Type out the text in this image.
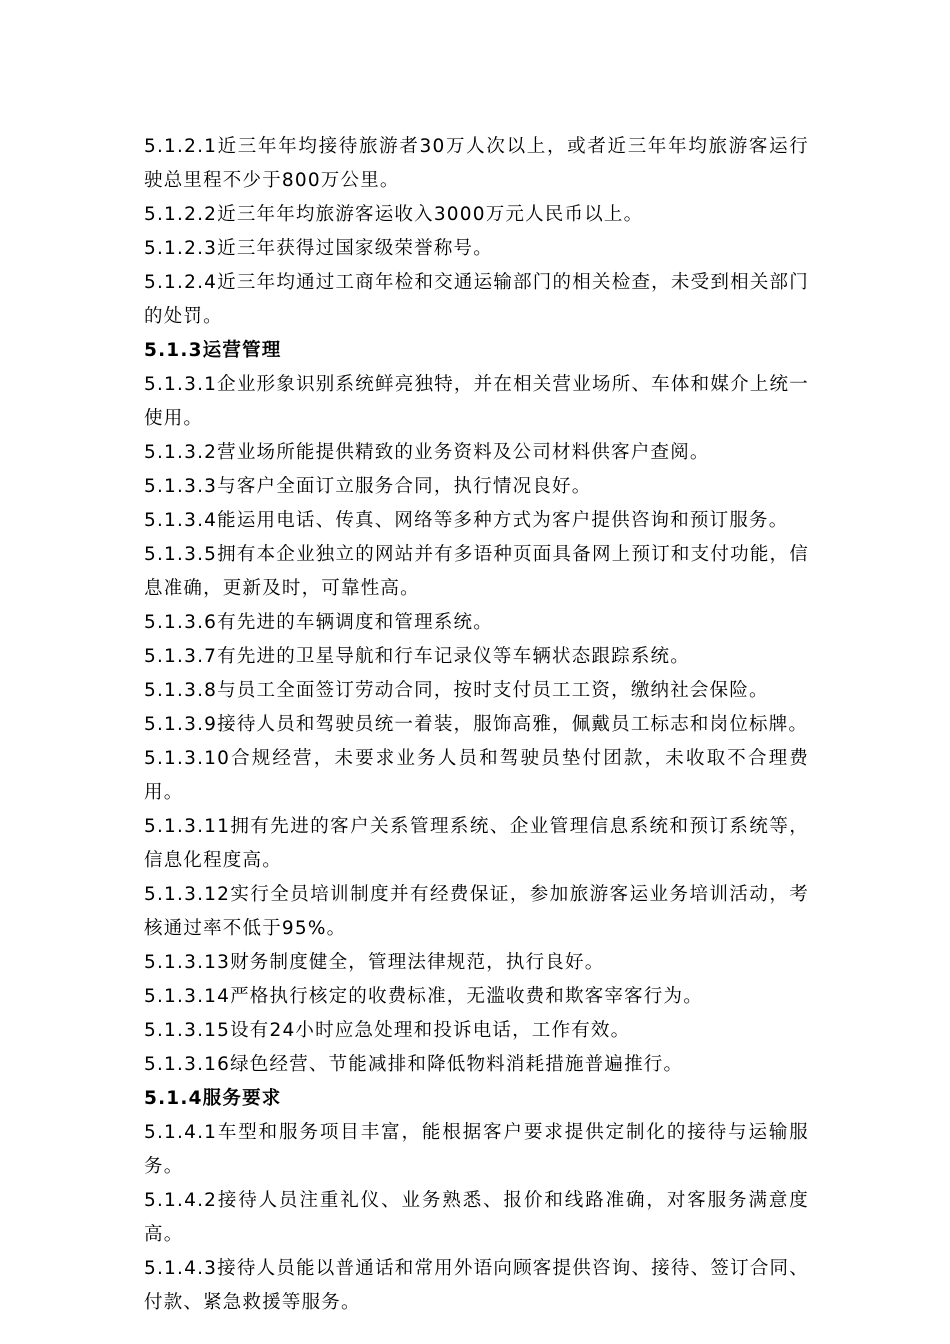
5.1.2.1近三年年均接待旅游者30万人次以上，或者近三年年均旅游客运行驶总里程不少于800万公里。

5.1.2.2近三年年均旅游客运收入3000万元人民币以上。

5.1.2.3近三年获得过国家级荣誉称号。

5.1.2.4近三年均通过工商年检和交通运输部门的相关检查，未受到相关部门的处罚。

5.1.3运营管理

5.1.3.1企业形象识别系统鲜亮独特，并在相关营业场所、车体和媒介上统一使用。

5.1.3.2营业场所能提供精致的业务资料及公司材料供客户查阅。

5.1.3.3与客户全面订立服务合同，执行情况良好。

5.1.3.4能运用电话、传真、网络等多种方式为客户提供咨询和预订服务。

5.1.3.5拥有本企业独立的网站并有多语种页面具备网上预订和支付功能，信息准确，更新及时，可靠性高。

5.1.3.6有先进的车辆调度和管理系统。

5.1.3.7有先进的卫星导航和行车记录仪等车辆状态跟踪系统。

5.1.3.8与员工全面签订劳动合同，按时支付员工工资，缴纳社会保险。

5.1.3.9接待人员和驾驶员统一着装，服饰高雅，佩戴员工标志和岗位标牌。

5.1.3.10合规经营，未要求业务人员和驾驶员垫付团款，未收取不合理费用。

5.1.3.11拥有先进的客户关系管理系统、企业管理信息系统和预订系统等，信息化程度高。

5.1.3.12实行全员培训制度并有经费保证，参加旅游客运业务培训活动，考核通过率不低于95%。

5.1.3.13财务制度健全，管理法律规范，执行良好。

5.1.3.14严格执行核定的收费标准，无滥收费和欺客宰客行为。

5.1.3.15设有24小时应急处理和投诉电话，工作有效。

5.1.3.16绿色经营、节能减排和降低物料消耗措施普遍推行。

5.1.4服务要求

5.1.4.1车型和服务项目丰富，能根据客户要求提供定制化的接待与运输服务。

5.1.4.2接待人员注重礼仪、业务熟悉、报价和线路准确，对客服务满意度高。

5.1.4.3接待人员能以普通话和常用外语向顾客提供咨询、接待、签订合同、付款、紧急救援等服务。
